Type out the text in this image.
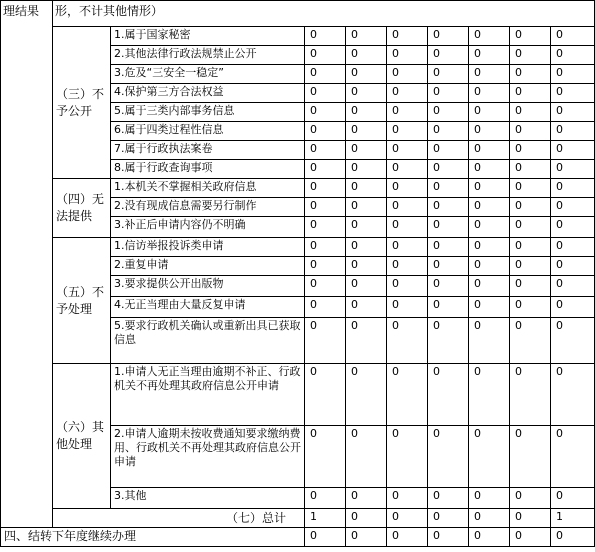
理结果	形，不计其他情形）								
	（三）不予公开	1.属于国家秘密	0	0	0	0	0	0	0
		2.其他法律行政法规禁止公开	0	0	0	0	0	0	0
		3.危及“三安全一稳定”	0	0	0	0	0	0	0
		4.保护第三方合法权益	0	0	0	0	0	0	0
		5.属于三类内部事务信息	0	0	0	0	0	0	0
		6.属于四类过程性信息	0	0	0	0	0	0	0
		7.属于行政执法案卷	0	0	0	0	0	0	0
		8.属于行政查询事项	0	0	0	0	0	0	0
	（四）无法提供	1.本机关不掌握相关政府信息	0	0	0	0	0	0	0
		2.没有现成信息需要另行制作	0	0	0	0	0	0	0
		3.补正后申请内容仍不明确	0	0	0	0	0	0	0
	（五）不予处理	1.信访举报投诉类申请	0	0	0	0	0	0	0
		2.重复申请	0	0	0	0	0	0	0
		3.要求提供公开出版物	0	0	0	0	0	0	0
		4.无正当理由大量反复申请	0	0	0	0	0	0	0
		5.要求行政机关确认或重新出具已获取信息	0	0	0	0	0	0	0
	（六）其他处理	1.申请人无正当理由逾期不补正、行政机关不再处理其政府信息公开申请	0	0	0	0	0	0	0
		2.申请人逾期未按收费通知要求缴纳费用、行政机关不再处理其政府信息公开申请	0	0	0	0	0	0	0
		3.其他	0	0	0	0	0	0	0
	（七）总计		1	0	0	0	0	0	1
四、结转下年度继续办理			0	0	0	0	0	0	0
